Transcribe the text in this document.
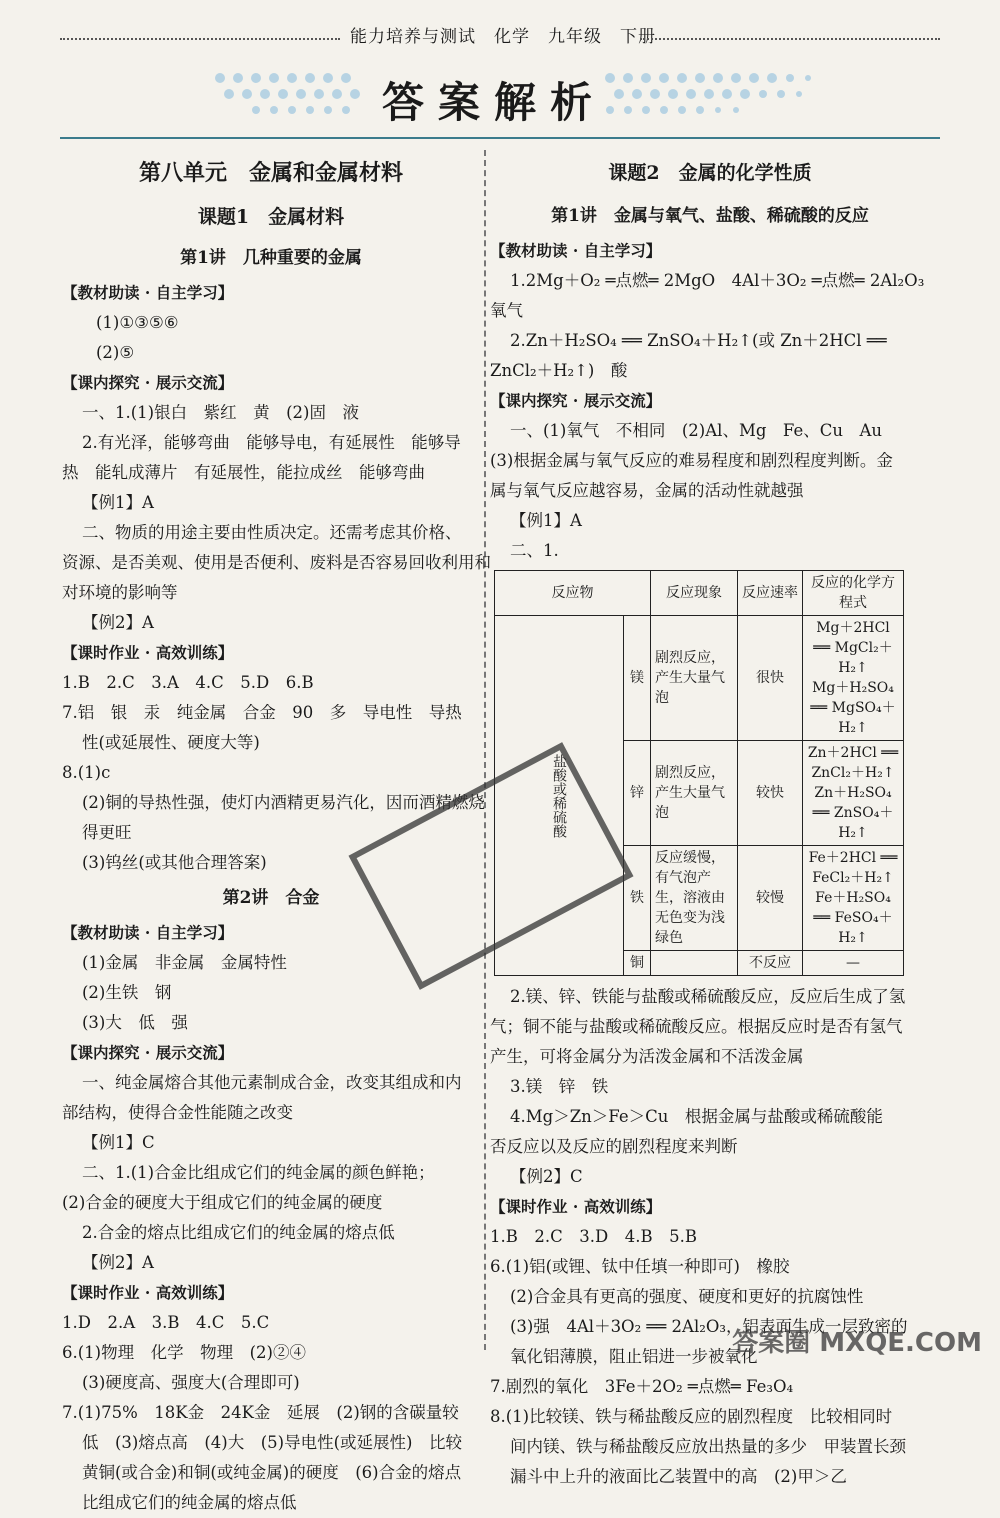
能力培养与测试　化学　九年级　下册
答案解析
第八单元　金属和金属材料
课题1　金属材料
第1讲　几种重要的金属
【教材助读 · 自主学习】
(1)①③⑤⑥
(2)⑤
【课内探究 · 展示交流】
一、1.(1)银白　紫红　黄　(2)固　液
2.有光泽，能够弯曲　能够导电，有延展性　能够导
热　能轧成薄片　有延展性，能拉成丝　能够弯曲
【例1】A
二、物质的用途主要由性质决定。还需考虑其价格、
资源、是否美观、使用是否便利、废料是否容易回收利用和
对环境的影响等
【例2】A
【课时作业 · 高效训练】
1.B　2.C　3.A　4.C　5.D　6.B
7.铝　银　汞　纯金属　合金　90　多　导电性　导热
性(或延展性、硬度大等)
8.(1)c
(2)铜的导热性强，使灯内酒精更易汽化，因而酒精燃烧
得更旺
(3)钨丝(或其他合理答案)
第2讲　合金
【教材助读 · 自主学习】
(1)金属　非金属　金属特性
(2)生铁　钢
(3)大　低　强
【课内探究 · 展示交流】
一、纯金属熔合其他元素制成合金，改变其组成和内
部结构，使得合金性能随之改变
【例1】C
二、1.(1)合金比组成它们的纯金属的颜色鲜艳；
(2)合金的硬度大于组成它们的纯金属的硬度
2.合金的熔点比组成它们的纯金属的熔点低
【例2】A
【课时作业 · 高效训练】
1.D　2.A　3.B　4.C　5.C
6.(1)物理　化学　物理　(2)②④
(3)硬度高、强度大(合理即可)
7.(1)75%　18K金　24K金　延展　(2)钢的含碳量较
低　(3)熔点高　(4)大　(5)导电性(或延展性)　比较
黄铜(或合金)和铜(或纯金属)的硬度　(6)合金的熔点
比组成它们的纯金属的熔点低
课题2　金属的化学性质
第1讲　金属与氧气、盐酸、稀硫酸的反应
【教材助读 · 自主学习】
1.2Mg＋O₂ ═点燃═ 2MgO　4Al＋3O₂ ═点燃═ 2Al₂O₃
氧气
2.Zn＋H₂SO₄ ══ ZnSO₄＋H₂↑(或 Zn＋2HCl ══
ZnCl₂＋H₂↑)　酸
【课内探究 · 展示交流】
一、(1)氧气　不相同　(2)Al、Mg　Fe、Cu　Au
(3)根据金属与氧气反应的难易程度和剧烈程度判断。金
属与氧气反应越容易，金属的活动性就越强
【例1】A
二、1.
反应物		反应现象	反应速率	反应的化学方程式
盐酸或稀硫酸	镁	剧烈反应，产生大量气泡	很快	Mg＋2HCl ══ MgCl₂＋H₂↑
Mg＋H₂SO₄ ══ MgSO₄＋H₂↑

	锌	剧烈反应，产生大量气泡	较快	Zn＋2HCl ══ ZnCl₂＋H₂↑
Zn＋H₂SO₄ ══ ZnSO₄＋H₂↑

	铁	反应缓慢，有气泡产生，溶液由无色变为浅绿色	较慢	Fe＋2HCl ══ FeCl₂＋H₂↑
Fe＋H₂SO₄ ══ FeSO₄＋H₂↑

	铜		不反应	—
2.镁、锌、铁能与盐酸或稀硫酸反应，反应后生成了氢
气；铜不能与盐酸或稀硫酸反应。根据反应时是否有氢气
产生，可将金属分为活泼金属和不活泼金属
3.镁　锌　铁
4.Mg＞Zn＞Fe＞Cu　根据金属与盐酸或稀硫酸能
否反应以及反应的剧烈程度来判断
【例2】C
【课时作业 · 高效训练】
1.B　2.C　3.D　4.B　5.B
6.(1)铝(或锂、钛中任填一种即可)　橡胶
(2)合金具有更高的强度、硬度和更好的抗腐蚀性
(3)强　4Al＋3O₂ ══ 2Al₂O₃，铝表面生成一层致密的
氧化铝薄膜，阻止铝进一步被氧化
7.剧烈的氧化　3Fe＋2O₂ ═点燃═ Fe₃O₄
8.(1)比较镁、铁与稀盐酸反应的剧烈程度　比较相同时
间内镁、铁与稀盐酸反应放出热量的多少　甲装置长颈
漏斗中上升的液面比乙装置中的高　(2)甲＞乙
答案圈 MXQE.COM
